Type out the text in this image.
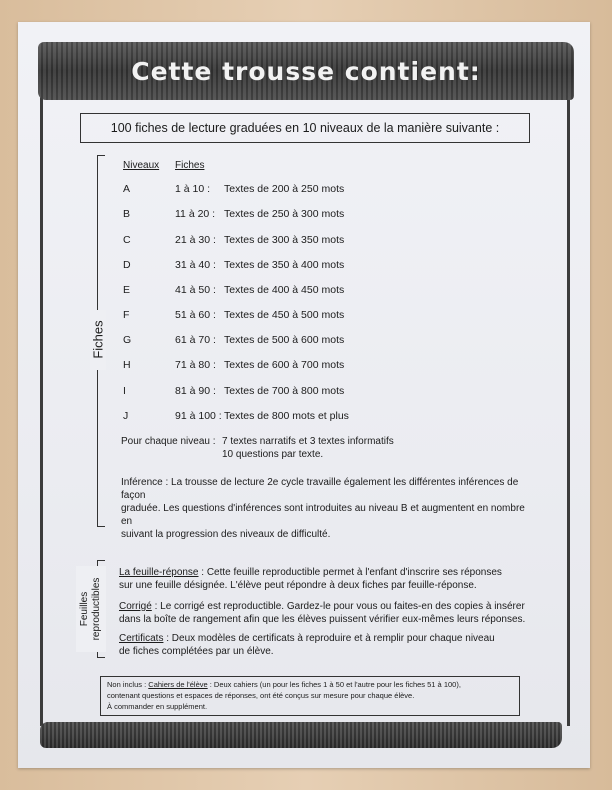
Cette trousse contient:
100 fiches de lecture graduées en 10 niveaux de la manière suivante :
Fiches
Niveaux Fiches
A	1 à 10 : Textes de 200 à 250 mots
B	11 à 20 : Textes de 250 à 300 mots
C	21 à 30 : Textes de 300 à 350 mots
D	31 à 40 : Textes de 350 à 400 mots
E	41 à 50 : Textes de 400 à 450 mots
F	51 à 60 : Textes de 450 à 500 mots
G	61 à 70 : Textes de 500 à 600 mots
H	71 à 80 : Textes de 600 à 700 mots
I	81 à 90 : Textes de 700 à 800 mots
J	91 à 100 : Textes de 800 mots et plus
Pour chaque niveau : 7 textes narratifs et 3 textes informatifs
10 questions par texte.
Inférence : La trousse de lecture 2e cycle travaille également les différentes inférences de façon
graduée. Les questions d'inférences sont introduites au niveau B et augmentent en nombre en
suivant la progression des niveaux de difficulté.
Feuilles reproductibles
La feuille-réponse : Cette feuille reproductible permet à l'enfant d'inscrire ses réponses
sur une feuille désignée. L'élève peut répondre à deux fiches par feuille-réponse.
Corrigé : Le corrigé est reproductible. Gardez-le pour vous ou faites-en des copies à insérer
dans la boîte de rangement afin que les élèves puissent vérifier eux-mêmes leurs réponses.
Certificats : Deux modèles de certificats à reproduire et à remplir pour chaque niveau
de fiches complétées par un élève.
Non inclus : Cahiers de l'élève : Deux cahiers (un pour les fiches 1 à 50 et l'autre pour les fiches 51 à 100),
contenant questions et espaces de réponses, ont été conçus sur mesure pour chaque élève.
À commander en supplément.
